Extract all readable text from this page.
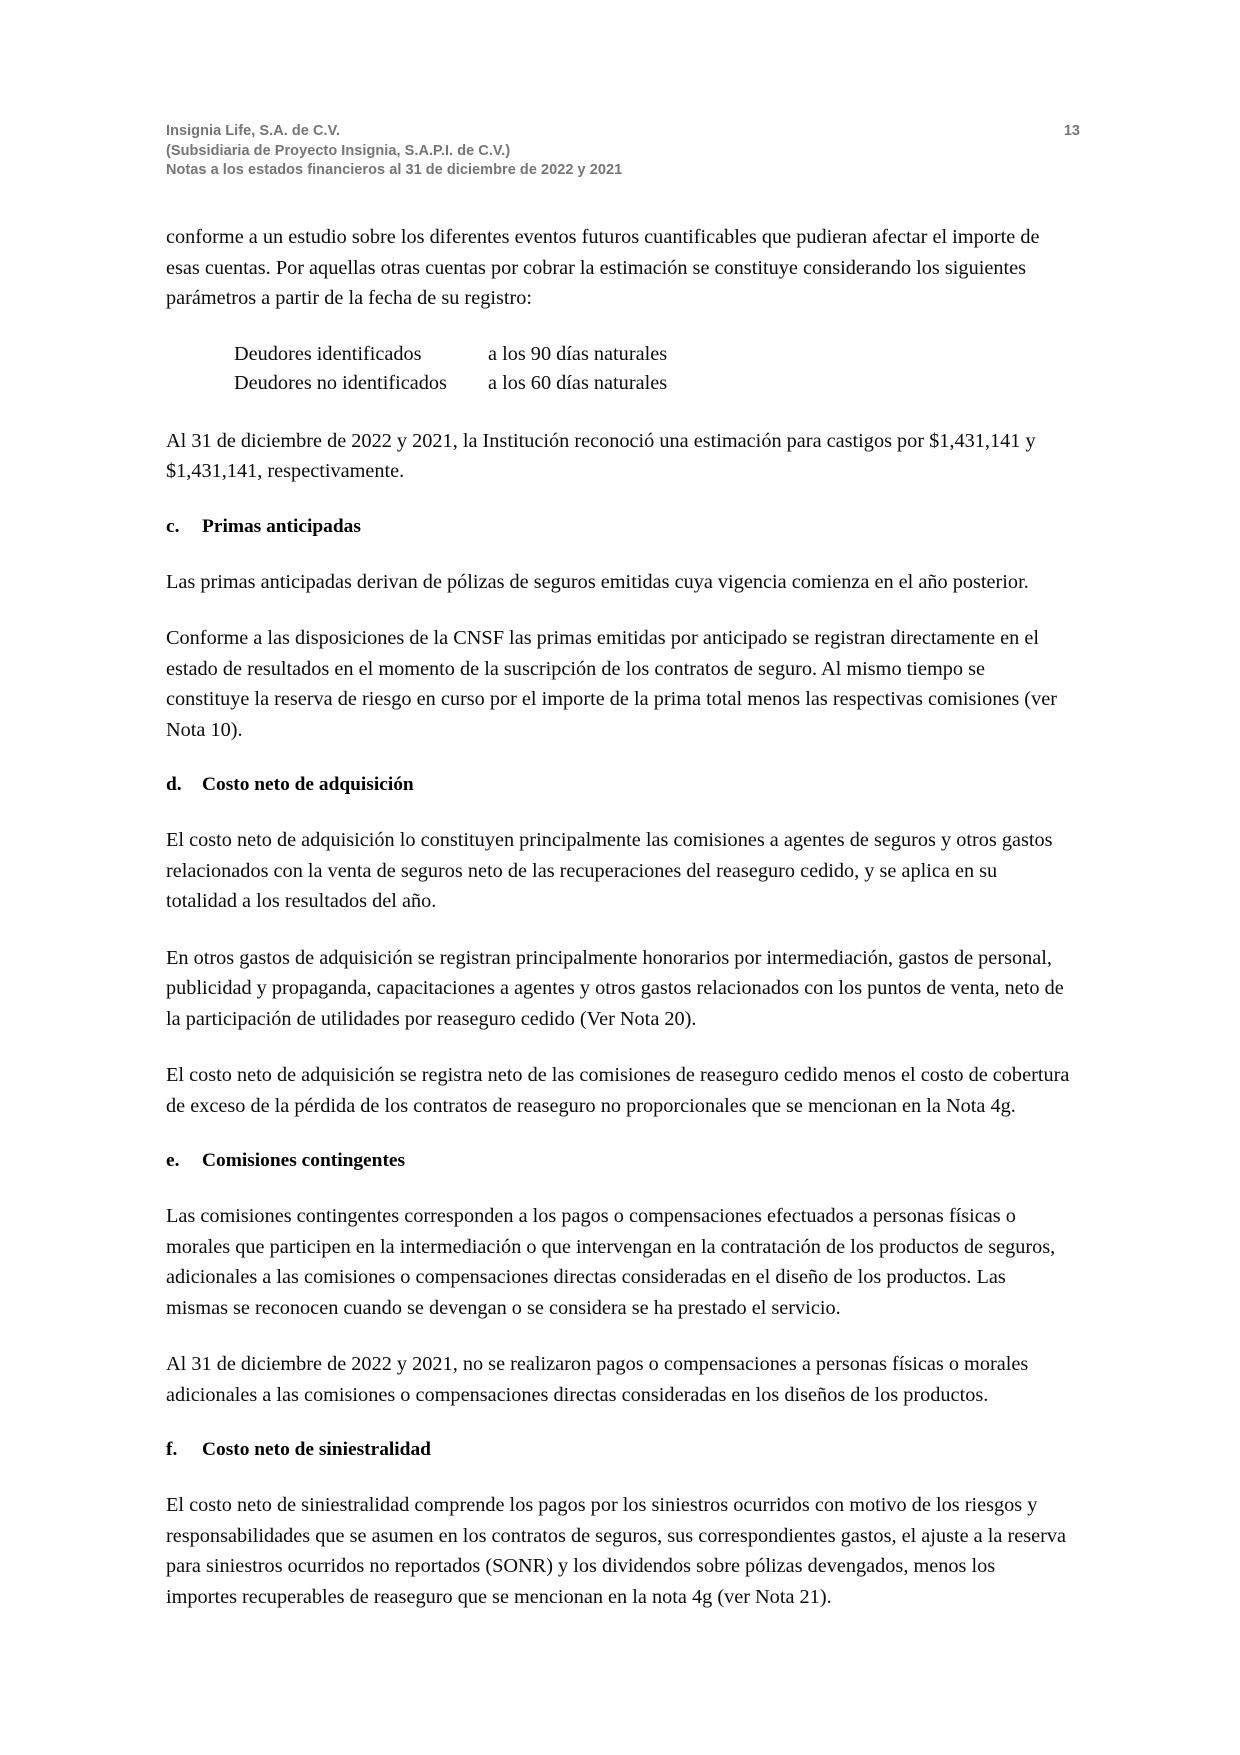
Insignia Life, S.A. de C.V.
(Subsidiaria de Proyecto Insignia, S.A.P.I. de C.V.)
Notas a los estados financieros al 31 de diciembre de 2022 y 2021
13

conforme a un estudio sobre los diferentes eventos futuros cuantificables que pudieran afectar el importe de esas cuentas. Por aquellas otras cuentas por cobrar la estimación se constituye considerando los siguientes parámetros a partir de la fecha de su registro:

Deudores identificados	a los 90 días naturales
Deudores no identificados	a los 60 días naturales

Al 31 de diciembre de 2022 y 2021, la Institución reconoció una estimación para castigos por $1,431,141 y $1,431,141, respectivamente.

c.	Primas anticipadas

Las primas anticipadas derivan de pólizas de seguros emitidas cuya vigencia comienza en el año posterior.

Conforme a las disposiciones de la CNSF las primas emitidas por anticipado se registran directamente en el estado de resultados en el momento de la suscripción de los contratos de seguro. Al mismo tiempo se constituye la reserva de riesgo en curso por el importe de la prima total menos las respectivas comisiones (ver Nota 10).

d.	Costo neto de adquisición

El costo neto de adquisición lo constituyen principalmente las comisiones a agentes de seguros y otros gastos relacionados con la venta de seguros neto de las recuperaciones del reaseguro cedido, y se aplica en su totalidad a los resultados del año.

En otros gastos de adquisición se registran principalmente honorarios por intermediación, gastos de personal, publicidad y propaganda, capacitaciones a agentes y otros gastos relacionados con los puntos de venta, neto de la participación de utilidades por reaseguro cedido (Ver Nota 20).

El costo neto de adquisición se registra neto de las comisiones de reaseguro cedido menos el costo de cobertura de exceso de la pérdida de los contratos de reaseguro no proporcionales que se mencionan en la Nota 4g.

e.	Comisiones contingentes

Las comisiones contingentes corresponden a los pagos o compensaciones efectuados a personas físicas o morales que participen en la intermediación o que intervengan en la contratación de los productos de seguros, adicionales a las comisiones o compensaciones directas consideradas en el diseño de los productos. Las mismas se reconocen cuando se devengan o se considera se ha prestado el servicio.

Al 31 de diciembre de 2022 y 2021, no se realizaron pagos o compensaciones a personas físicas o morales adicionales a las comisiones o compensaciones directas consideradas en los diseños de los productos.

f.	Costo neto de siniestralidad

El costo neto de siniestralidad comprende los pagos por los siniestros ocurridos con motivo de los riesgos y responsabilidades que se asumen en los contratos de seguros, sus correspondientes gastos, el ajuste a la reserva para siniestros ocurridos no reportados (SONR) y los dividendos sobre pólizas devengados, menos los importes recuperables de reaseguro que se mencionan en la nota 4g (ver Nota 21).
